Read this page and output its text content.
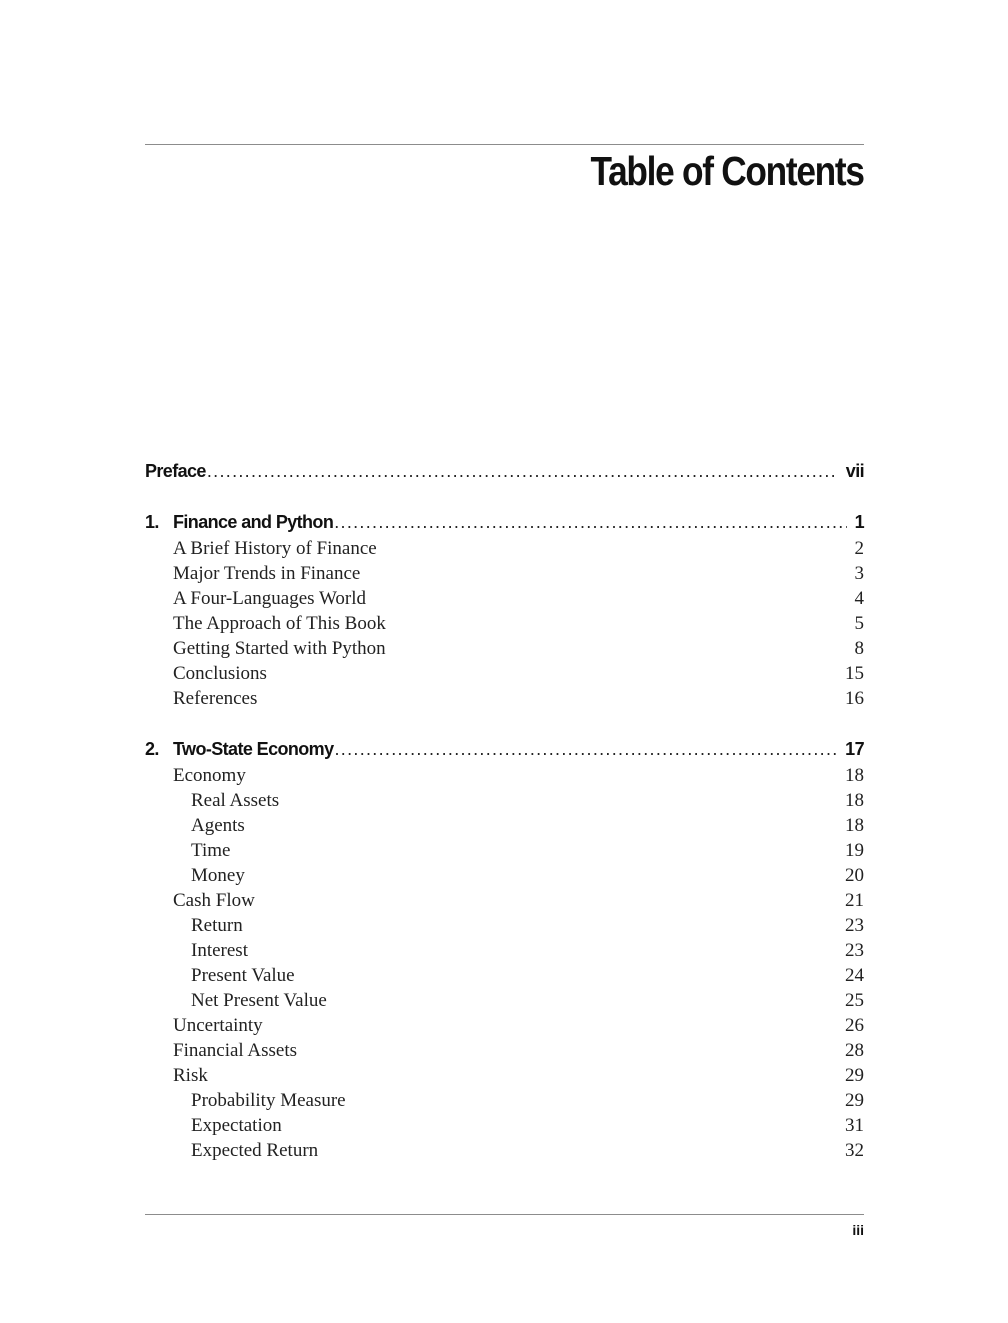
Table of Contents
Preface .....	vii
1. Finance and Python .....	1
A Brief History of Finance	2
Major Trends in Finance	3
A Four-Languages World	4
The Approach of This Book	5
Getting Started with Python	8
Conclusions	15
References	16
2. Two-State Economy .....	17
Economy	18
Real Assets	18
Agents	18
Time	19
Money	20
Cash Flow	21
Return	23
Interest	23
Present Value	24
Net Present Value	25
Uncertainty	26
Financial Assets	28
Risk	29
Probability Measure	29
Expectation	31
Expected Return	32
iii
